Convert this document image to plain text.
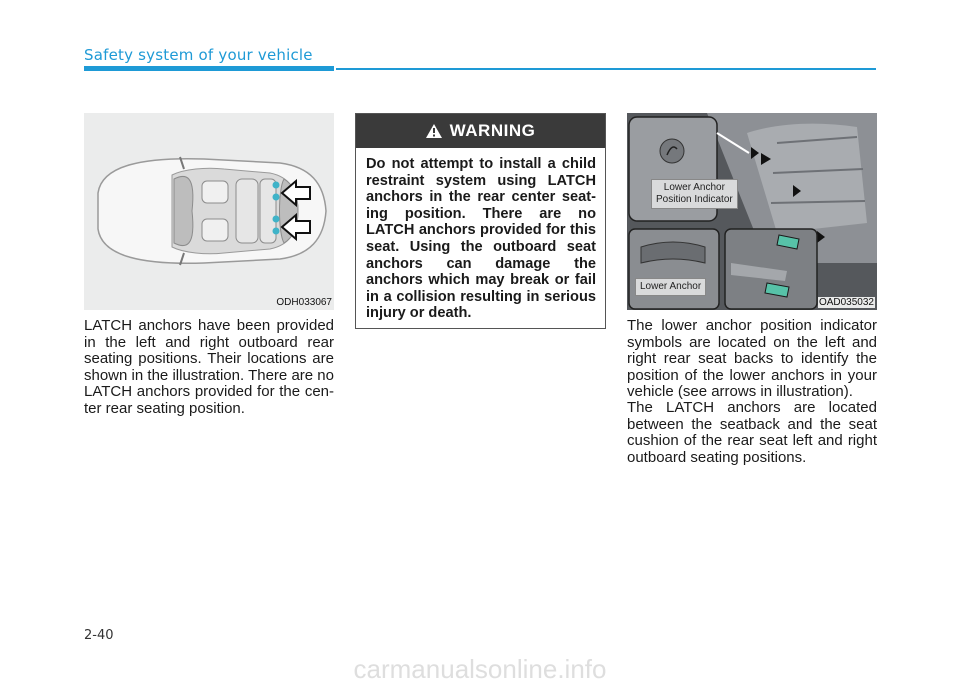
Safety system of your vehicle
ODH033067
LATCH anchors have been provided in the left and right outboard rear seating positions. Their locations are shown in the illustration. There are no LATCH anchors provided for the cen-ter rear seating position.
WARNING
Do not attempt to install a child restraint system using LATCH anchors in the rear center seat-ing position. There are no LATCH anchors provided for this seat. Using the outboard seat anchors can damage the anchors which may break or fail in a collision resulting in serious injury or death.
Lower Anchor
Position Indicator
Lower Anchor
OAD035032
The lower anchor position indicator symbols are located on the left and right rear seat backs to identify the position of the lower anchors in your vehicle (see arrows in illustration).
The LATCH anchors are located between the seatback and the seat cushion of the rear seat left and right outboard seating positions.
2-40
carmanualsonline.info
